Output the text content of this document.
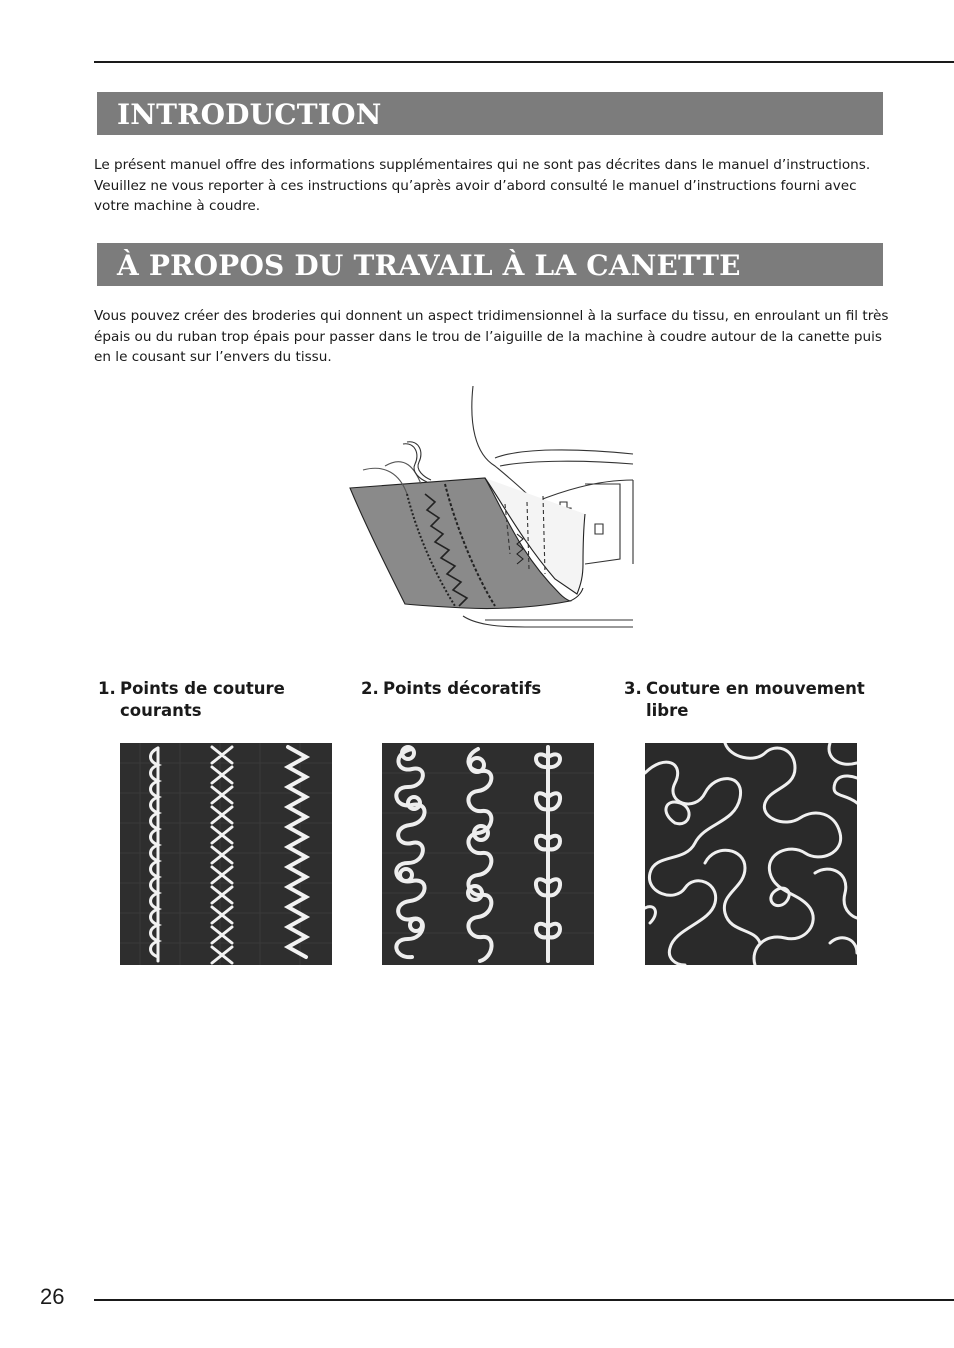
INTRODUCTION

Le présent manuel offre des informations supplémentaires qui ne sont pas décrites dans le manuel d’instructions.
Veuillez ne vous reporter à ces instructions qu’après avoir d’abord consulté le manuel d’instructions fourni avec
votre machine à coudre.

À PROPOS DU TRAVAIL À LA CANETTE

Vous pouvez créer des broderies qui donnent un aspect tridimensionnel à la surface du tissu, en enroulant un fil très
épais ou du ruban trop épais pour passer dans le trou de l’aiguille de la machine à coudre autour de la canette puis
en le cousant sur l’envers du tissu.

1. Points de couture
courants
2. Points décoratifs	3. Couture en mouvement
libre
26
